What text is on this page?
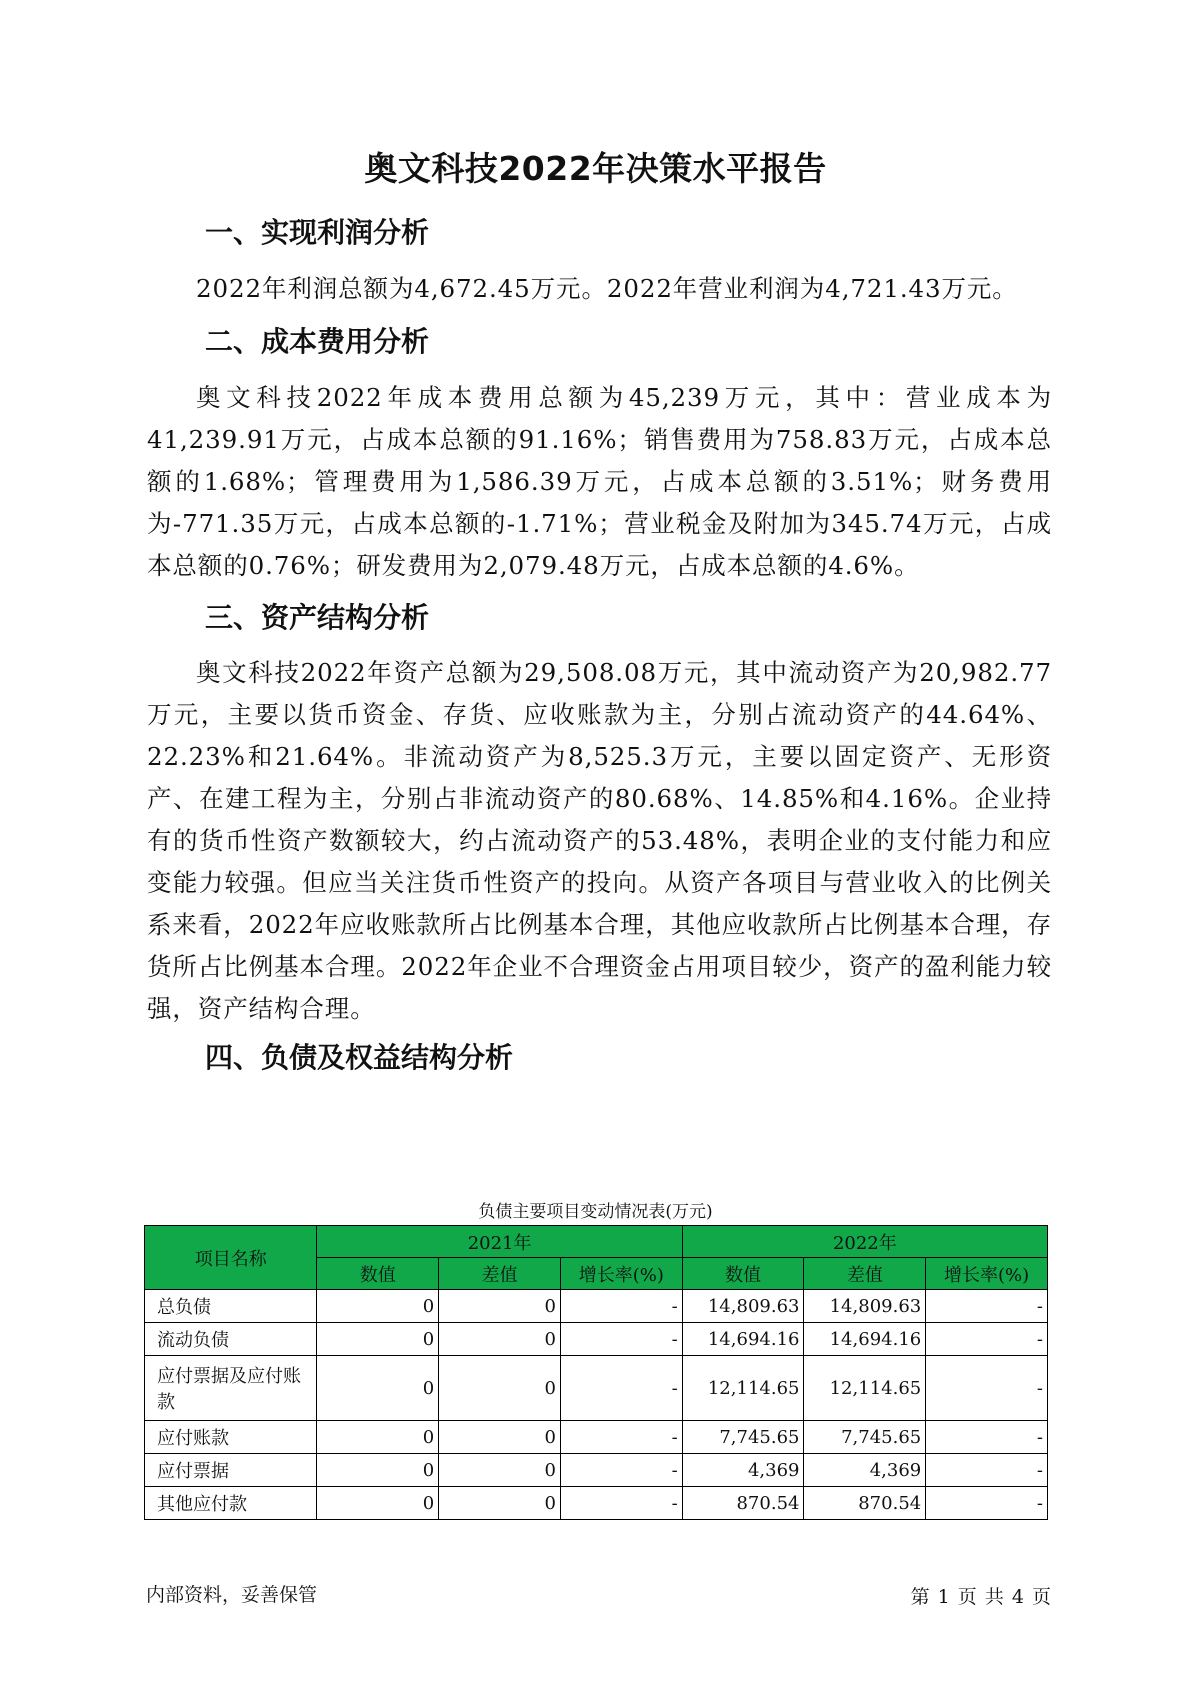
奥文科技2022年决策水平报告
一、实现利润分析

2022年利润总额为4,672.45万元。2022年营业利润为4,721.43万元。

二、成本费用分析

奥文科技2022年成本费用总额为45,239万元，其中：营业成本为41,239.91万元，占成本总额的91.16%；销售费用为758.83万元，占成本总额的1.68%；管理费用为1,586.39万元，占成本总额的3.51%；财务费用为-771.35万元，占成本总额的-1.71%；营业税金及附加为345.74万元，占成本总额的0.76%；研发费用为2,079.48万元，占成本总额的4.6%。

三、资产结构分析

奥文科技2022年资产总额为29,508.08万元，其中流动资产为20,982.77万元，主要以货币资金、存货、应收账款为主，分别占流动资产的44.64%、22.23%和21.64%。非流动资产为8,525.3万元，主要以固定资产、无形资产、在建工程为主，分别占非流动资产的80.68%、14.85%和4.16%。企业持有的货币性资产数额较大，约占流动资产的53.48%，表明企业的支付能力和应变能力较强。但应当关注货币性资产的投向。从资产各项目与营业收入的比例关系来看，2022年应收账款所占比例基本合理，其他应收款所占比例基本合理，存货所占比例基本合理。2022年企业不合理资金占用项目较少，资产的盈利能力较强，资产结构合理。

四、负债及权益结构分析
负债主要项目变动情况表(万元)
项目名称	2021年			2022年		
	数值	差值	增长率(%)	数值	差值	增长率(%)
总负债	0	0	-	14,809.63	14,809.63	-
流动负债	0	0	-	14,694.16	14,694.16	-
应付票据及应付账款	0	0	-	12,114.65	12,114.65	-
应付账款	0	0	-	7,745.65	7,745.65	-
应付票据	0	0	-	4,369	4,369	-
其他应付款	0	0	-	870.54	870.54	-
内部资料，妥善保管	第 1 页 共 4 页
